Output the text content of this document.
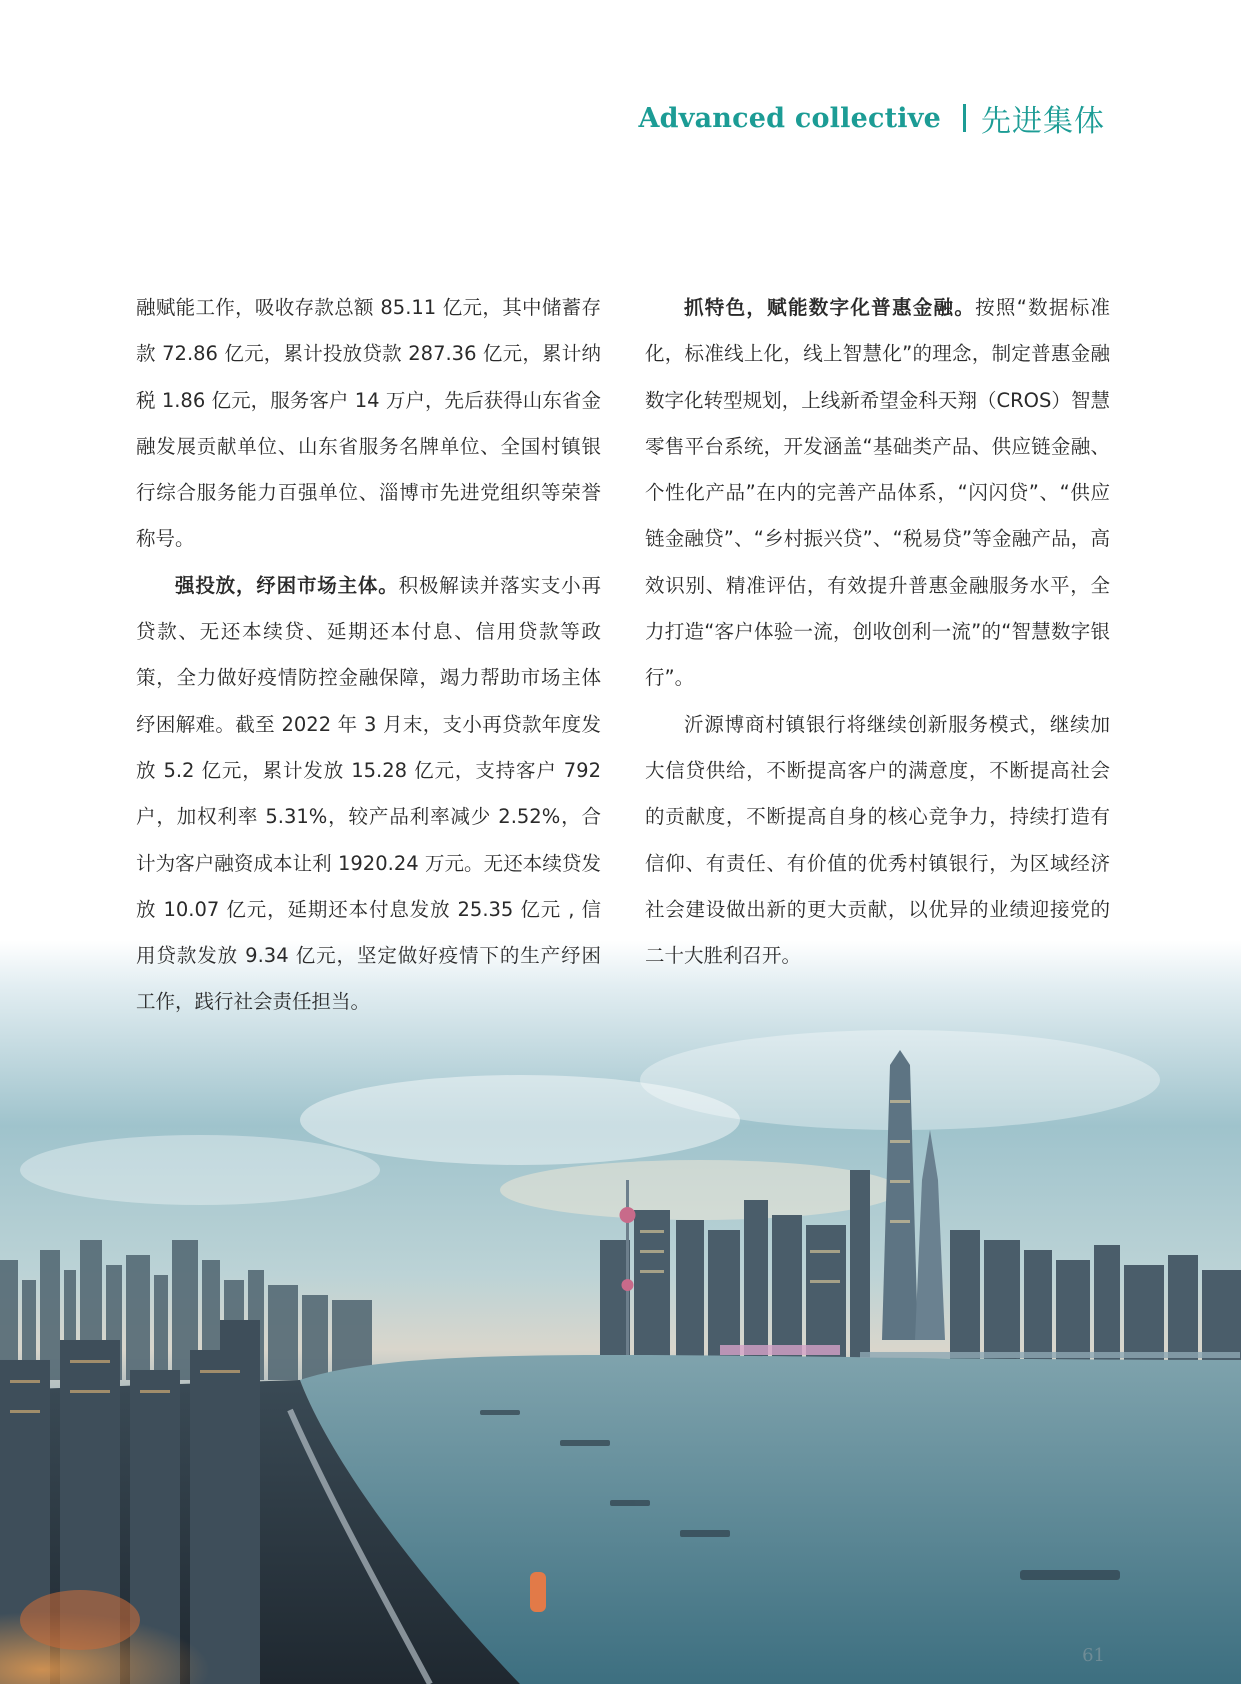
Advanced collective 先进集体

融赋能工作，吸收存款总额 85.11 亿元，其中储蓄存款 72.86 亿元，累计投放贷款 287.36 亿元，累计纳税 1.86 亿元，服务客户 14 万户，先后获得山东省金融发展贡献单位、山东省服务名牌单位、全国村镇银行综合服务能力百强单位、淄博市先进党组织等荣誉称号。

强投放，纾困市场主体。积极解读并落实支小再贷款、无还本续贷、延期还本付息、信用贷款等政策，全力做好疫情防控金融保障，竭力帮助市场主体纾困解难。截至 2022 年 3 月末，支小再贷款年度发放 5.2 亿元，累计发放 15.28 亿元，支持客户 792 户，加权利率 5.31%，较产品利率减少 2.52%，合计为客户融资成本让利 1920.24 万元。无还本续贷发放 10.07 亿元，延期还本付息发放 25.35 亿元 , 信用贷款发放 9.34 亿元，坚定做好疫情下的生产纾困工作，践行社会责任担当。

抓特色，赋能数字化普惠金融。按照“数据标准化，标准线上化，线上智慧化”的理念，制定普惠金融数字化转型规划，上线新希望金科天翔（CROS）智慧零售平台系统，开发涵盖“基础类产品、供应链金融、个性化产品”在内的完善产品体系，“闪闪贷”、“供应链金融贷”、“乡村振兴贷”、“税易贷”等金融产品，高效识别、精准评估，有效提升普惠金融服务水平，全力打造“客户体验一流，创收创利一流”的“智慧数字银行”。

沂源博商村镇银行将继续创新服务模式，继续加大信贷供给，不断提高客户的满意度，不断提高社会的贡献度，不断提高自身的核心竞争力，持续打造有信仰、有责任、有价值的优秀村镇银行，为区域经济社会建设做出新的更大贡献，以优异的业绩迎接党的二十大胜利召开。

61
